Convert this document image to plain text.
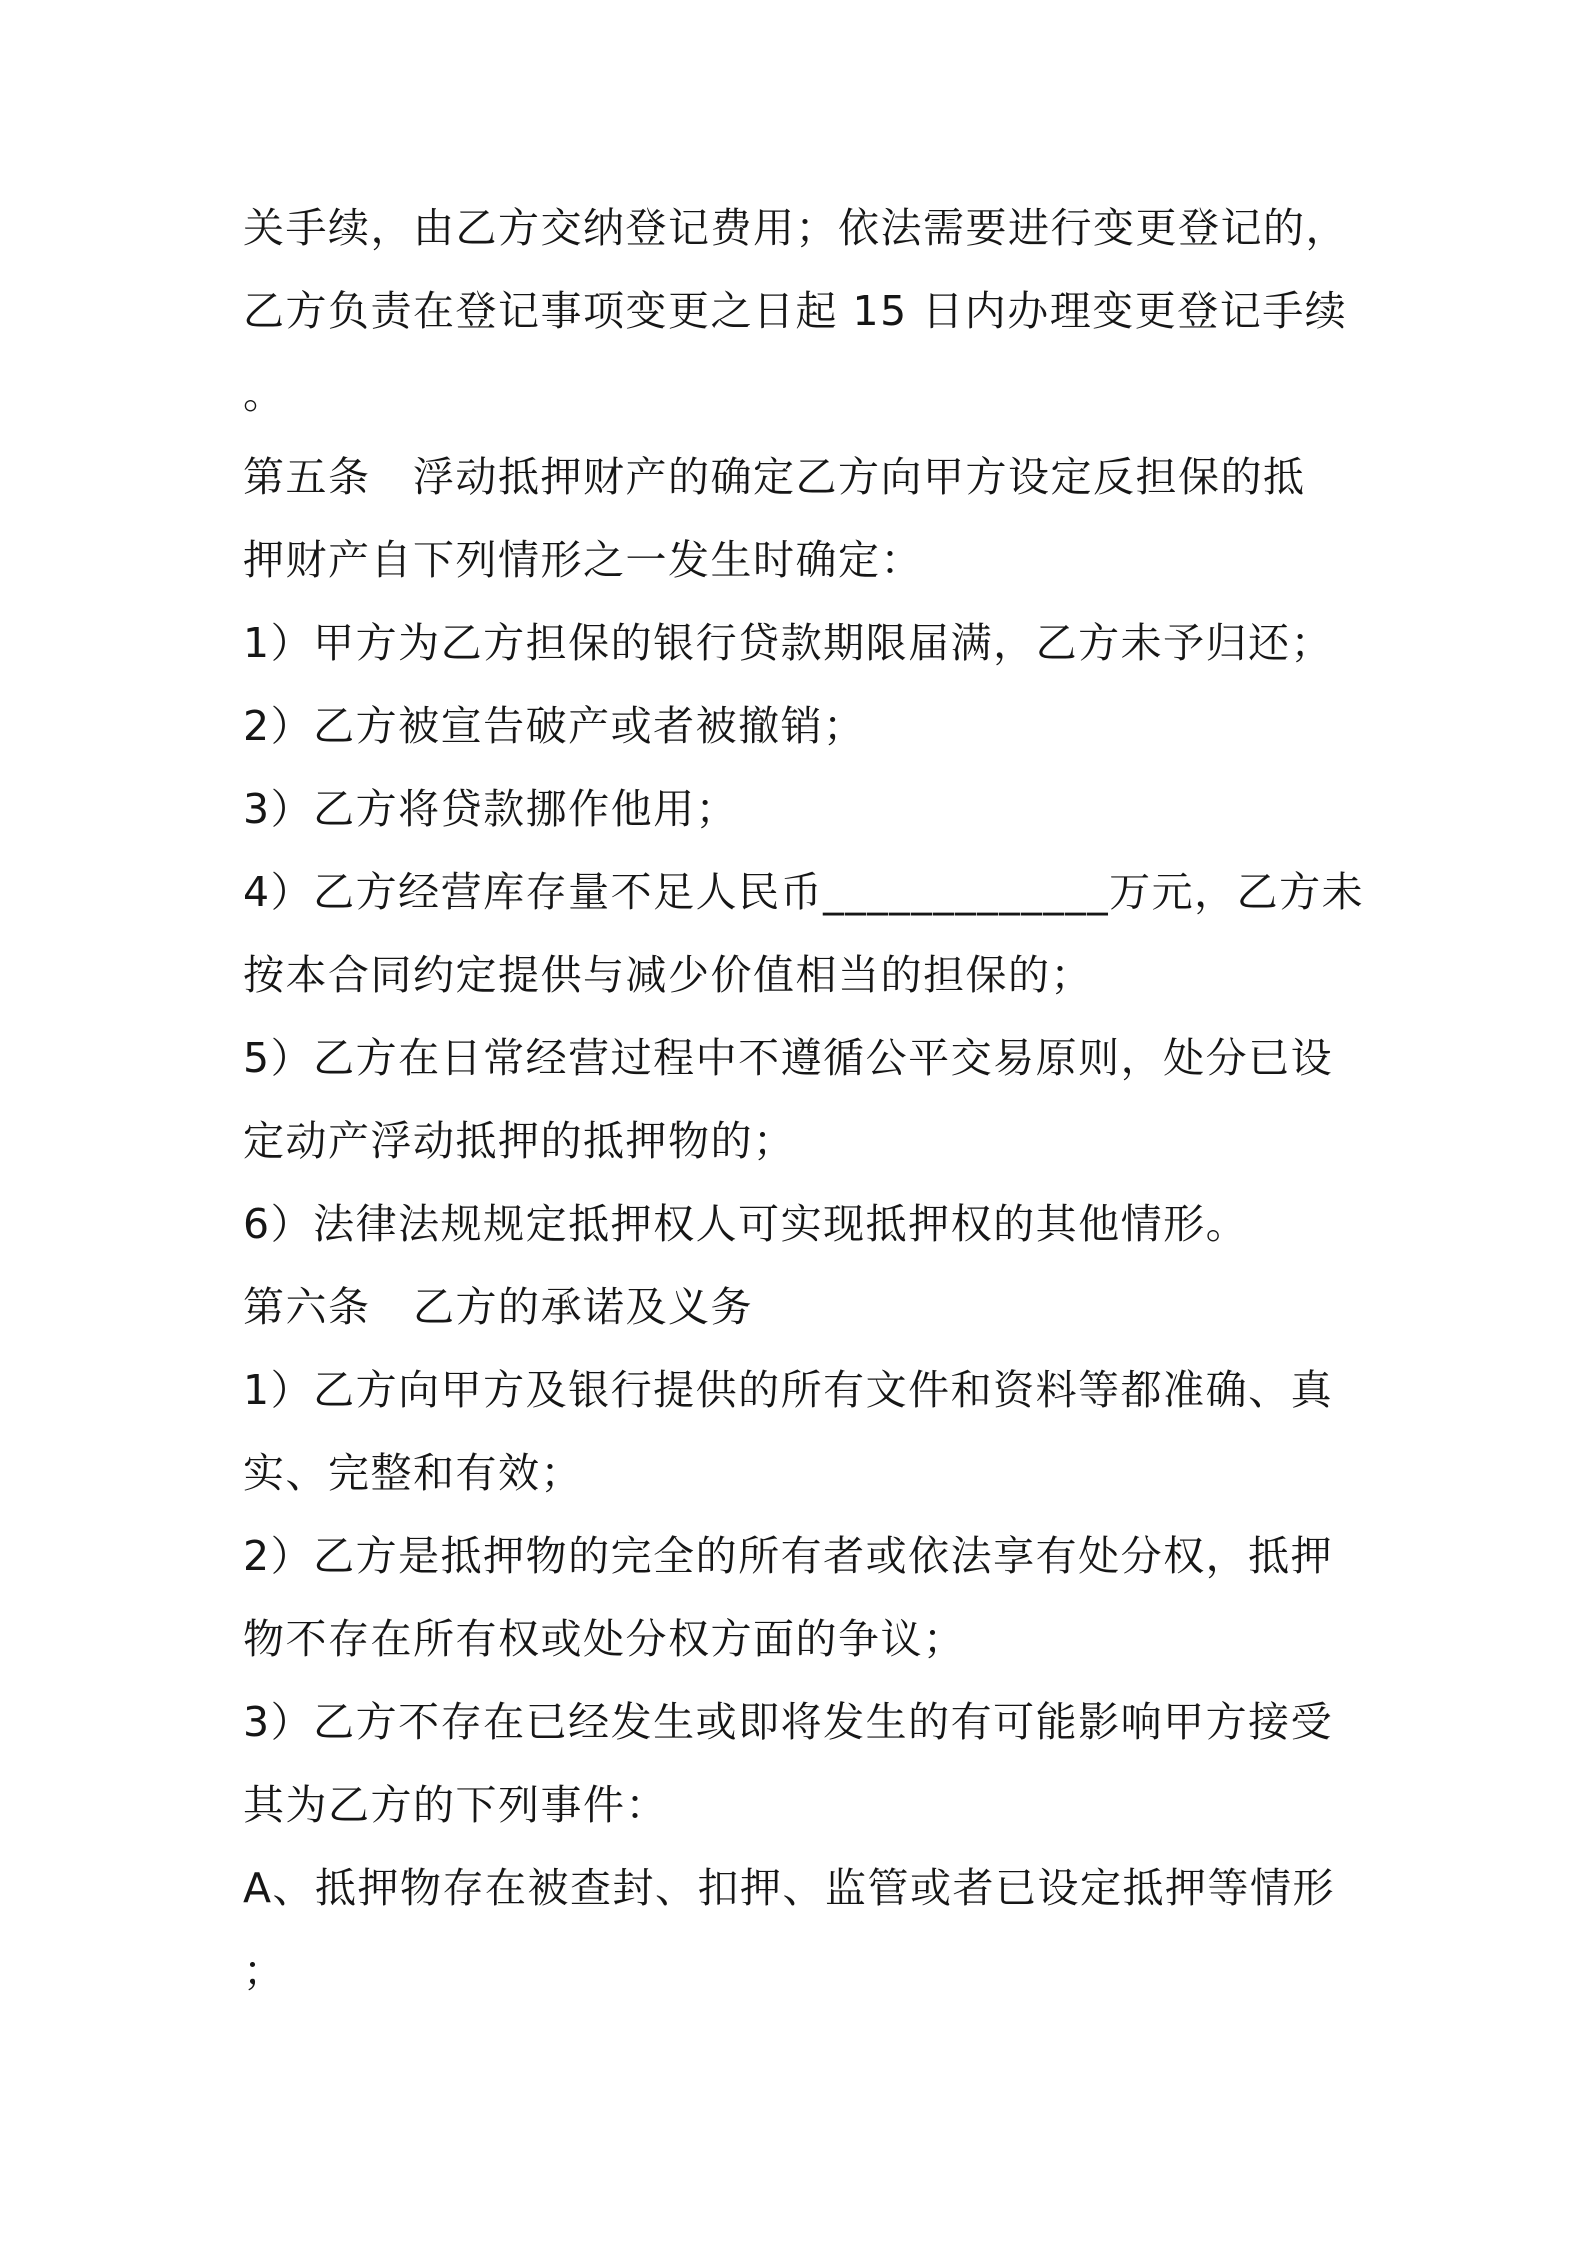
关手续，由乙方交纳登记费用；依法需要进行变更登记的，
乙方负责在登记事项变更之日起 15 日内办理变更登记手续
。
第五条　浮动抵押财产的确定乙方向甲方设定反担保的抵
押财产自下列情形之一发生时确定：
1）甲方为乙方担保的银行贷款期限届满，乙方未予归还；
2）乙方被宣告破产或者被撤销；
3）乙方将贷款挪作他用；
4）乙方经营库存量不足人民币_____________万元，乙方未
按本合同约定提供与减少价值相当的担保的；
5）乙方在日常经营过程中不遵循公平交易原则，处分已设
定动产浮动抵押的抵押物的；
6）法律法规规定抵押权人可实现抵押权的其他情形。
第六条　乙方的承诺及义务
1）乙方向甲方及银行提供的所有文件和资料等都准确、真
实、完整和有效；
2）乙方是抵押物的完全的所有者或依法享有处分权，抵押
物不存在所有权或处分权方面的争议；
3）乙方不存在已经发生或即将发生的有可能影响甲方接受
其为乙方的下列事件：
A、抵押物存在被查封、扣押、监管或者已设定抵押等情形
；
